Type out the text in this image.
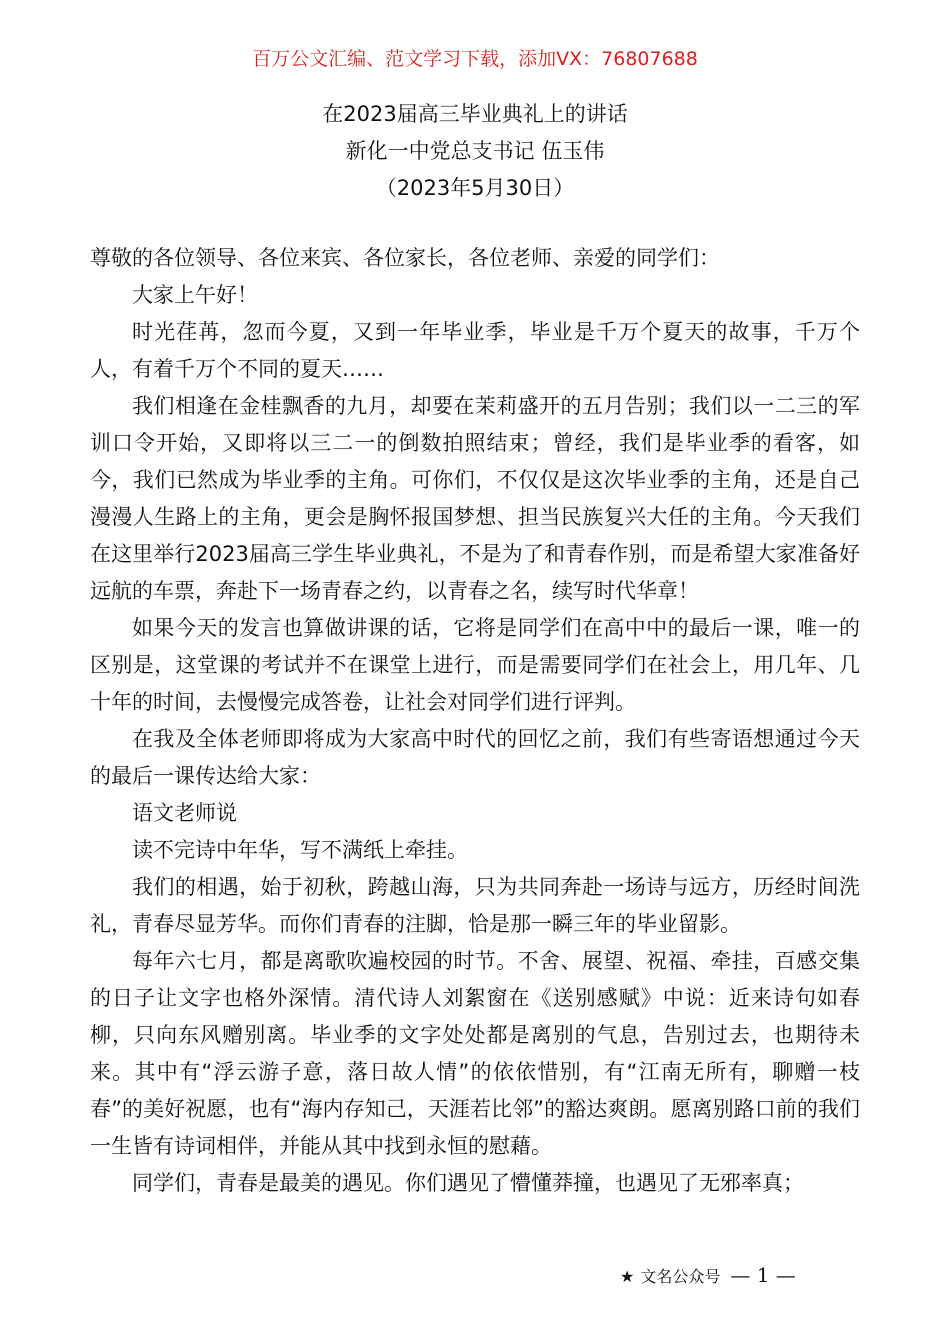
百万公文汇编、范文学习下载，添加VX：76807688
在2023届高三毕业典礼上的讲话
新化一中党总支书记 伍玉伟
（2023年5月30日）

尊敬的各位领导、各位来宾、各位家长，各位老师、亲爱的同学们：

大家上午好！

时光荏苒，忽而今夏，又到一年毕业季，毕业是千万个夏天的故事，千万个人，有着千万个不同的夏天……

我们相逢在金桂飘香的九月，却要在茉莉盛开的五月告别；我们以一二三的军训口令开始，又即将以三二一的倒数拍照结束；曾经，我们是毕业季的看客，如今，我们已然成为毕业季的主角。可你们，不仅仅是这次毕业季的主角，还是自己漫漫人生路上的主角，更会是胸怀报国梦想、担当民族复兴大任的主角。今天我们在这里举行2023届高三学生毕业典礼，不是为了和青春作别，而是希望大家准备好远航的车票，奔赴下一场青春之约，以青春之名，续写时代华章！

如果今天的发言也算做讲课的话，它将是同学们在高中中的最后一课，唯一的区别是，这堂课的考试并不在课堂上进行，而是需要同学们在社会上，用几年、几十年的时间，去慢慢完成答卷，让社会对同学们进行评判。

在我及全体老师即将成为大家高中时代的回忆之前，我们有些寄语想通过今天的最后一课传达给大家：

语文老师说

读不完诗中年华，写不满纸上牵挂。

我们的相遇，始于初秋，跨越山海，只为共同奔赴一场诗与远方，历经时间洗礼，青春尽显芳华。而你们青春的注脚，恰是那一瞬三年的毕业留影。

每年六七月，都是离歌吹遍校园的时节。不舍、展望、祝福、牵挂，百感交集的日子让文字也格外深情。清代诗人刘絮窗在《送别感赋》中说：近来诗句如春柳，只向东风赠别离。毕业季的文字处处都是离别的气息，告别过去，也期待未来。其中有“浮云游子意，落日故人情”的依依惜别，有“江南无所有，聊赠一枝春”的美好祝愿，也有“海内存知己，天涯若比邻”的豁达爽朗。愿离别路口前的我们一生皆有诗词相伴，并能从其中找到永恒的慰藉。

同学们，青春是最美的遇见。你们遇见了懵懂莽撞，也遇见了无邪率真；

★ 文名公众号 — 1 —
